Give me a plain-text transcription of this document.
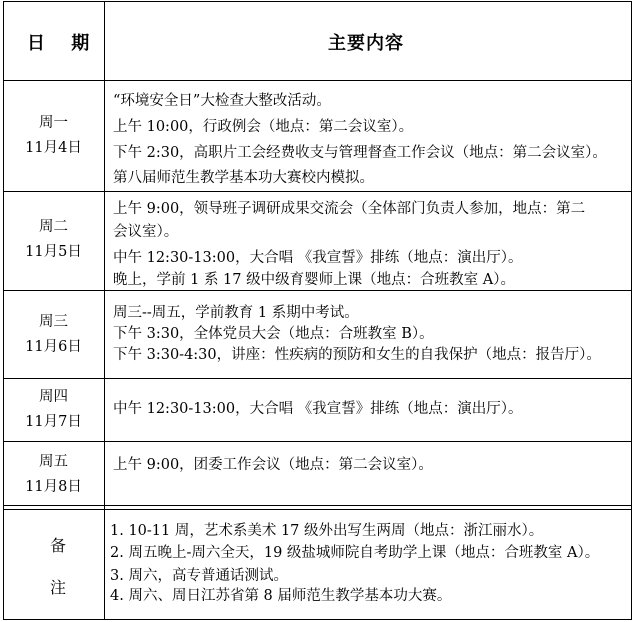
日 期	主要内容
周一
11月4日
“环境安全日”大检查大整改活动。
上午 10:00，行政例会（地点：第二会议室）。
下午 2:30，高职片工会经费收支与管理督查工作会议（地点：第二会议室）。
第八届师范生教学基本功大赛校内模拟。
周二
11月5日
上午 9:00，领导班子调研成果交流会（全体部门负责人参加，地点：第二
会议室）。
中午 12:30-13:00，大合唱 《我宣誓》排练（地点：演出厅）。
晚上，学前 1 系 17 级中级育婴师上课（地点：合班教室 A）。
周三
11月6日
周三--周五，学前教育 1 系期中考试。
下午 3:30，全体党员大会（地点：合班教室 B）。
下午 3:30-4:30，讲座：性疾病的预防和女生的自我保护（地点：报告厅）。
周四
11月7日
中午 12:30-13:00，大合唱 《我宣誓》排练（地点：演出厅）。
周五
11月8日
上午 9:00，团委工作会议（地点：第二会议室）。
备
注
1. 10-11 周，艺术系美术 17 级外出写生两周（地点：浙江丽水）。
2. 周五晚上-周六全天，19 级盐城师院自考助学上课（地点：合班教室 A）。
3. 周六，高专普通话测试。
4. 周六、周日江苏省第 8 届师范生教学基本功大赛。
